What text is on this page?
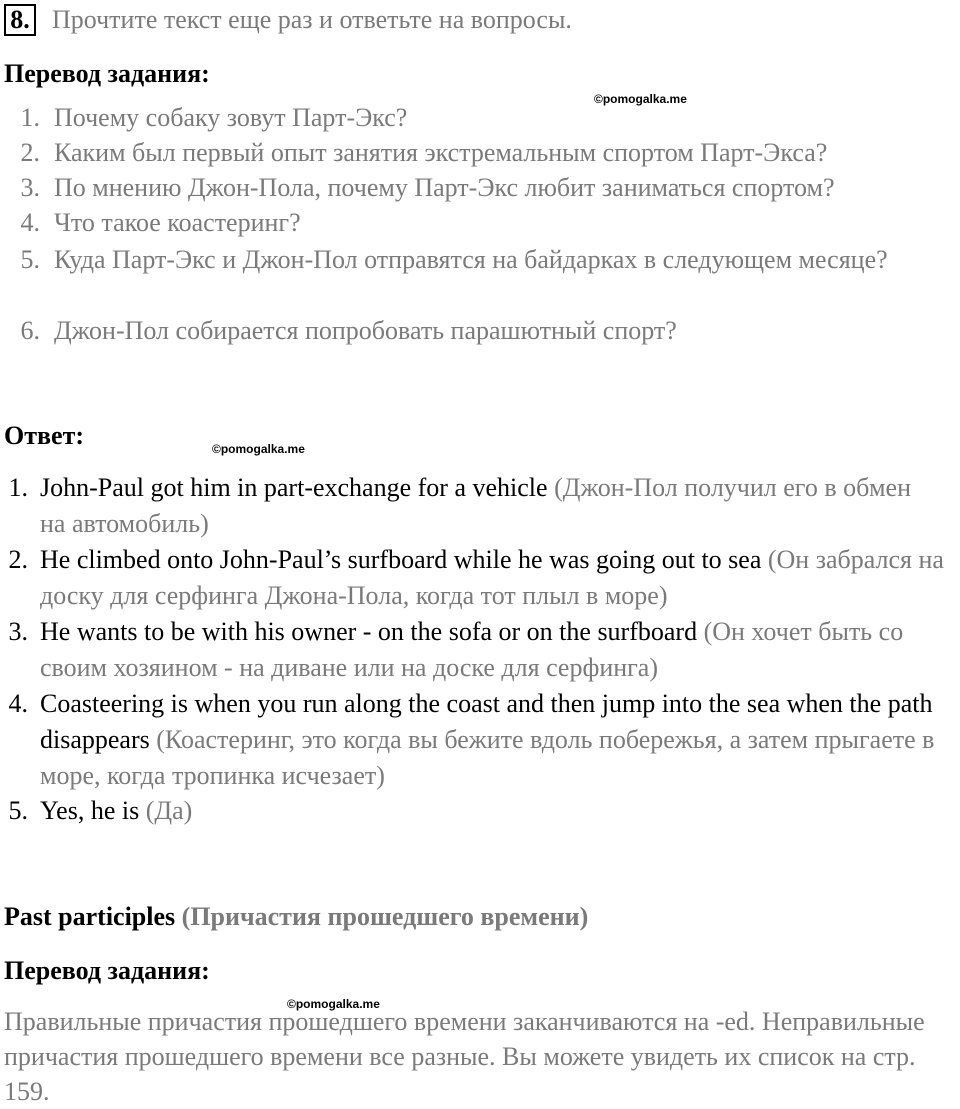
8. Прочтите текст еще раз и ответьте на вопросы.
Перевод задания:
©pomogalka.me
1. Почему собаку зовут Парт-Экс?
2. Каким был первый опыт занятия экстремальным спортом Парт-Экса?
3. По мнению Джон-Пола, почему Парт-Экс любит заниматься спортом?
4. Что такое коастеринг?
5. Куда Парт-Экс и Джон-Пол отправятся на байдарках в следующем месяце?
6. Джон-Пол собирается попробовать парашютный спорт?
Ответ:	©pomogalka.me
1. John-Paul got him in part-exchange for a vehicle (Джон-Пол получил его в обмен на автомобиль)
2. He climbed onto John-Paul’s surfboard while he was going out to sea (Он забрался на доску для серфинга Джона-Пола, когда тот плыл в море)
3. He wants to be with his owner - on the sofa or on the surfboard (Он хочет быть со своим хозяином - на диване или на доске для серфинга)
4. Coasteering is when you run along the coast and then jump into the sea when the path disappears (Коастеринг, это когда вы бежите вдоль побережья, а затем прыгаете в море, когда тропинка исчезает)
5. Yes, he is (Да)
Past participles (Причастия прошедшего времени)
Перевод задания:
©pomogalka.me
Правильные причастия прошедшего времени заканчиваются на -ed. Неправильные причастия прошедшего времени все разные. Вы можете увидеть их список на стр. 159.
